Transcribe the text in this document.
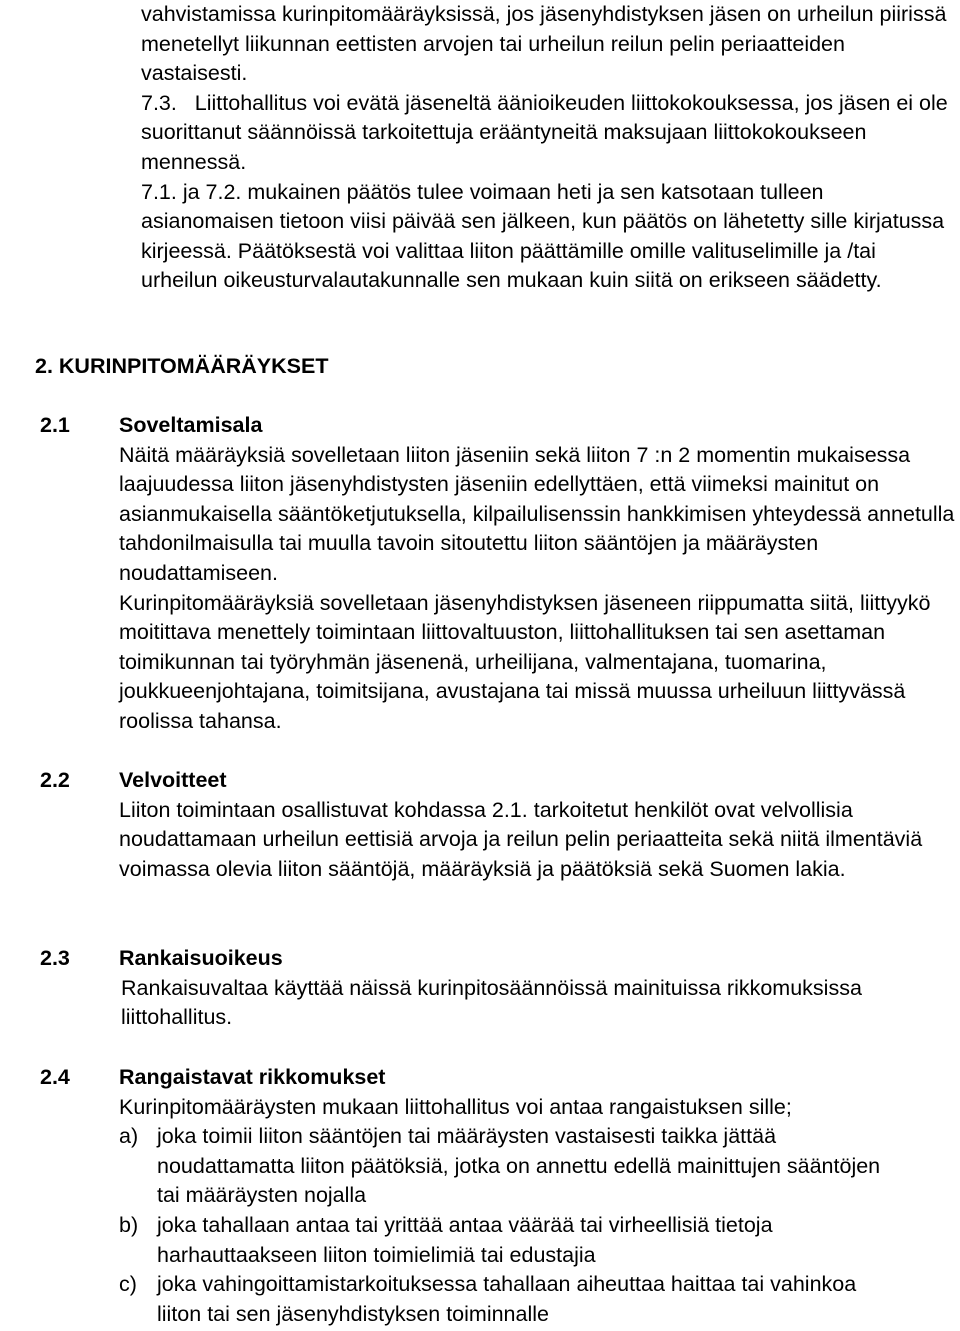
vahvistamissa kurinpitomääräyksissä, jos jäsenyhdistyksen jäsen on urheilun piirissä menetellyt liikunnan eettisten arvojen tai urheilun reilun pelin periaatteiden vastaisesti.

7.3.   Liittohallitus voi evätä jäseneltä äänioikeuden liittokokouksessa, jos jäsen ei ole suorittanut säännöissä tarkoitettuja erääntyneitä maksujaan liittokokoukseen mennessä.

7.1. ja 7.2. mukainen päätös tulee voimaan heti ja sen katsotaan tulleen asianomaisen tietoon viisi päivää sen jälkeen, kun päätös on lähetetty sille kirjatussa kirjeessä. Päätöksestä voi valittaa liiton päättämille omille valituselimille ja /tai urheilun oikeusturvalautakunnalle sen mukaan kuin siitä on erikseen säädetty.

2. KURINPITOMÄÄRÄYKSET
2.1 Soveltamisala

Näitä määräyksiä sovelletaan liiton jäseniin sekä liiton 7 :n 2 momentin mukaisessa laajuudessa liiton jäsenyhdistysten jäseniin edellyttäen, että viimeksi mainitut on asianmukaisella sääntöketjutuksella, kilpailulisenssin hankkimisen yhteydessä annetulla tahdonilmaisulla tai muulla tavoin sitoutettu liiton sääntöjen ja määräysten noudattamiseen.

Kurinpitomääräyksiä sovelletaan jäsenyhdistyksen jäseneen riippumatta siitä, liittyykö moitittava menettely toimintaan liittovaltuuston, liittohallituksen tai sen asettaman toimikunnan tai työryhmän jäsenenä, urheilijana, valmentajana, tuomarina, joukkueenjohtajana, toimitsijana, avustajana tai missä muussa urheiluun liittyvässä roolissa tahansa.

2.2 Velvoitteet

Liiton toimintaan osallistuvat kohdassa 2.1. tarkoitetut henkilöt ovat velvollisia noudattamaan urheilun eettisiä arvoja ja reilun pelin periaatteita sekä niitä ilmentäviä voimassa olevia liiton sääntöjä, määräyksiä ja päätöksiä sekä Suomen lakia.

2.3 Rankaisuoikeus

Rankaisuvaltaa käyttää näissä kurinpitosäännöissä mainituissa rikkomuksissa liittohallitus.

2.4 Rangaistavat rikkomukset

Kurinpitomääräysten mukaan liittohallitus voi antaa rangaistuksen sille;

a) joka toimii liiton sääntöjen tai määräysten vastaisesti taikka jättää noudattamatta liiton päätöksiä, jotka on annettu edellä mainittujen sääntöjen tai määräysten nojalla
b) joka tahallaan antaa tai yrittää antaa väärää tai virheellisiä tietoja harhauttaakseen liiton toimielimiä tai edustajia
c) joka vahingoittamistarkoituksessa tahallaan aiheuttaa haittaa tai vahinkoa liiton tai sen jäsenyhdistyksen toiminnalle
